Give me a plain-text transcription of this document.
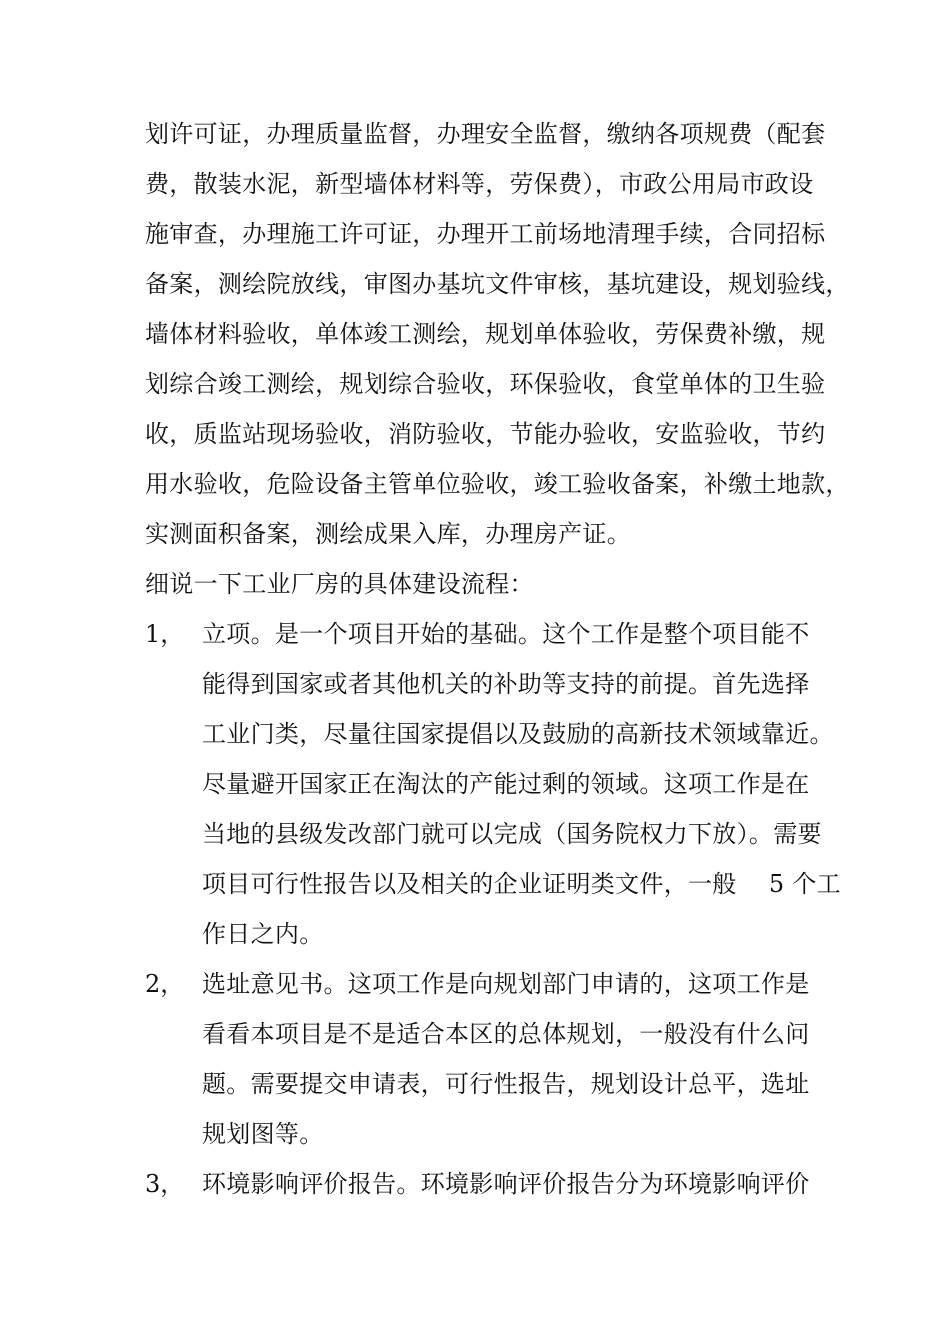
划许可证，办理质量监督，办理安全监督，缴纳各项规费（配套
费，散装水泥，新型墙体材料等，劳保费），市政公用局市政设
施审查，办理施工许可证，办理开工前场地清理手续，合同招标
备案，测绘院放线，审图办基坑文件审核，基坑建设，规划验线，
墙体材料验收，单体竣工测绘，规划单体验收，劳保费补缴，规
划综合竣工测绘，规划综合验收，环保验收，食堂单体的卫生验
收，质监站现场验收，消防验收，节能办验收，安监验收，节约
用水验收，危险设备主管单位验收，竣工验收备案，补缴土地款，
实测面积备案，测绘成果入库，办理房产证。
细说一下工业厂房的具体建设流程：
1， 立项。是一个项目开始的基础。这个工作是整个项目能不
能得到国家或者其他机关的补助等支持的前提。首先选择
工业门类，尽量往国家提倡以及鼓励的高新技术领域靠近。
尽量避开国家正在淘汰的产能过剩的领域。这项工作是在
当地的县级发改部门就可以完成（国务院权力下放）。需要
项目可行性报告以及相关的企业证明类文件，一般　 5 个工
作日之内。
2， 选址意见书。这项工作是向规划部门申请的，这项工作是
看看本项目是不是适合本区的总体规划，一般没有什么问
题。需要提交申请表，可行性报告，规划设计总平，选址
规划图等。
3， 环境影响评价报告。环境影响评价报告分为环境影响评价
